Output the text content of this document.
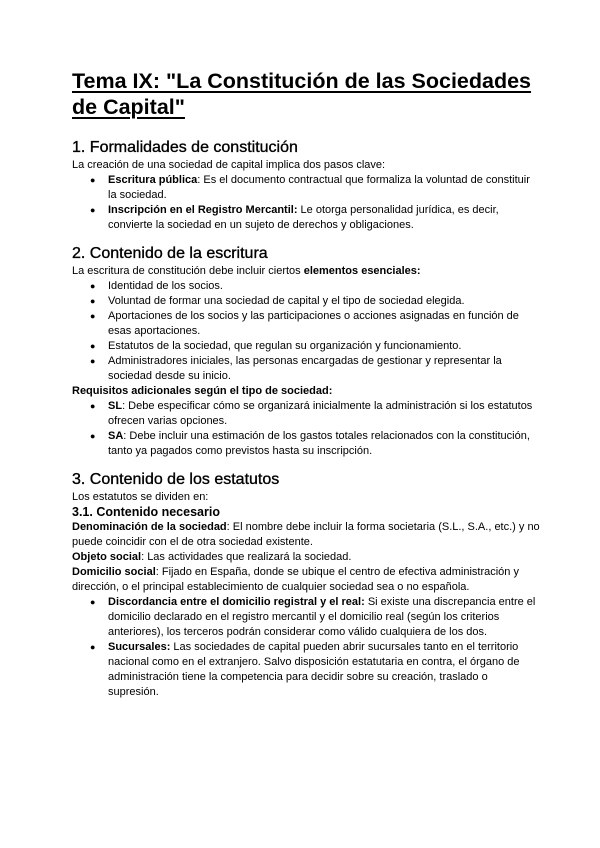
Tema IX: "La Constitución de las Sociedades de Capital"
1. Formalidades de constitución

La creación de una sociedad de capital implica dos pasos clave:

● Escritura pública: Es el documento contractual que formaliza la voluntad de constituir la sociedad.
● Inscripción en el Registro Mercantil: Le otorga personalidad jurídica, es decir, convierte la sociedad en un sujeto de derechos y obligaciones.
2. Contenido de la escritura

La escritura de constitución debe incluir ciertos elementos esenciales:

● Identidad de los socios.
● Voluntad de formar una sociedad de capital y el tipo de sociedad elegida.
● Aportaciones de los socios y las participaciones o acciones asignadas en función de esas aportaciones.
● Estatutos de la sociedad, que regulan su organización y funcionamiento.
● Administradores iniciales, las personas encargadas de gestionar y representar la sociedad desde su inicio.

Requisitos adicionales según el tipo de sociedad:

● SL: Debe especificar cómo se organizará inicialmente la administración si los estatutos ofrecen varias opciones.
● SA: Debe incluir una estimación de los gastos totales relacionados con la constitución, tanto ya pagados como previstos hasta su inscripción.
3. Contenido de los estatutos

Los estatutos se dividen en:

3.1. Contenido necesario

Denominación de la sociedad: El nombre debe incluir la forma societaria (S.L., S.A., etc.) y no puede coincidir con el de otra sociedad existente.

Objeto social: Las actividades que realizará la sociedad.

Domicilio social: Fijado en España, donde se ubique el centro de efectiva administración y dirección, o el principal establecimiento de cualquier sociedad sea o no española.

● Discordancia entre el domicilio registral y el real: Si existe una discrepancia entre el domicilio declarado en el registro mercantil y el domicilio real (según los criterios anteriores), los terceros podrán considerar como válido cualquiera de los dos.
● Sucursales: Las sociedades de capital pueden abrir sucursales tanto en el territorio nacional como en el extranjero. Salvo disposición estatutaria en contra, el órgano de administración tiene la competencia para decidir sobre su creación, traslado o supresión.
